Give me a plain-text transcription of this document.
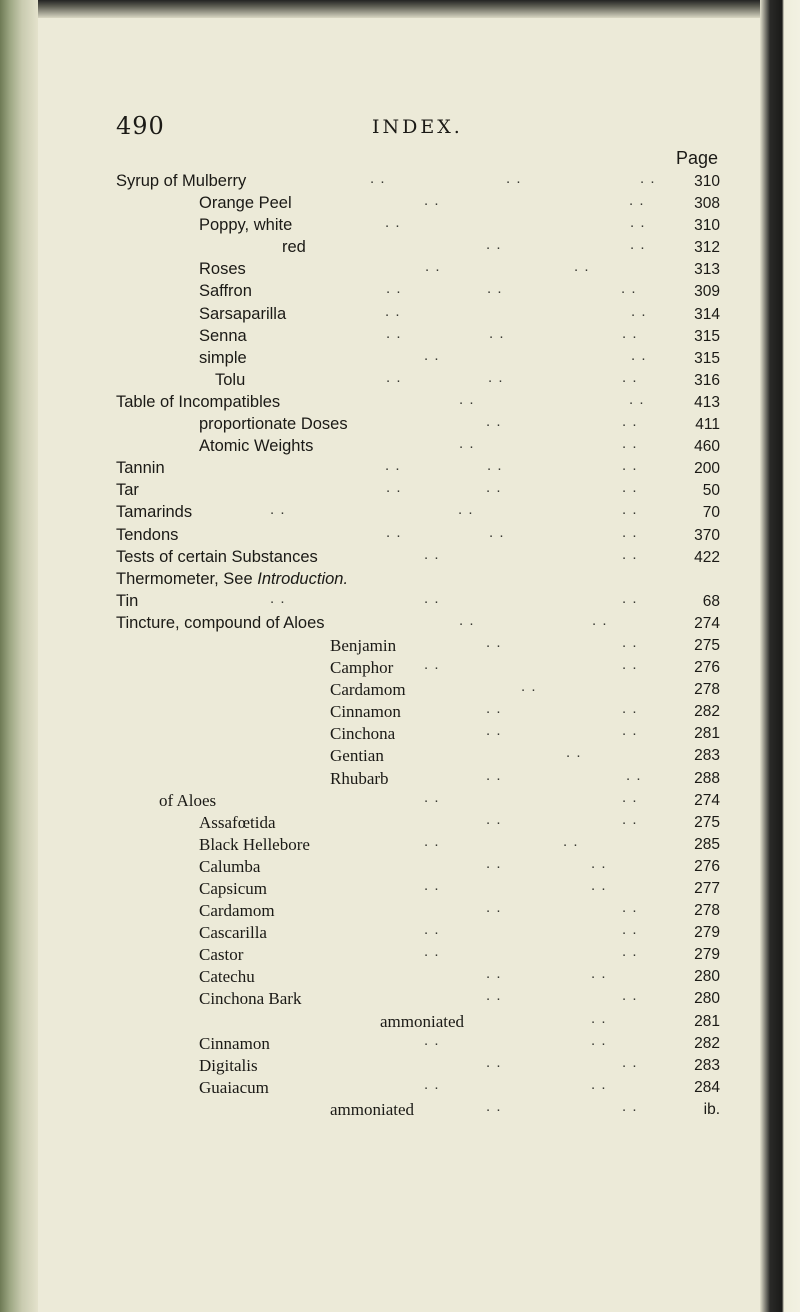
490	INDEX.
Page
Syrup of Mulberry	. .	. .	. .	310
Orange Peel	. .	. .	308
Poppy, white	. .	. .	310
red	. .	. .	312
Roses	. .	. .	313
Saffron	. .	. .	. .	309
Sarsaparilla	. .	. .	314
Senna	. .	. .	. .	315
simple	. .	. .	315
Tolu	. .	. .	. .	316
Table of Incompatibles	. .	. .	413
proportionate Doses	. .	. .	411
Atomic Weights	. .	. .	460
Tannin	. .	. .	. .	200
Tar	. .	. .	. .	50
Tamarinds	. .	. .	. .	70
Tendons	. .	. .	. .	370
Tests of certain Substances	. .	. .	422
Thermometer, See Introduction.
Tin	. .	. .	. .	68
Tincture, compound of Aloes	. .	. .	274
Benjamin	. .	. .	275
Camphor . .	. .	276
Cardamom	. .	278
Cinnamon	. .	. .	282
Cinchona	. .	. .	281
Gentian	. .	283
Rhubarb	. .	. .	288
of Aloes	. .	. .	274
Assafœtida	. .	. .	275
Black Hellebore	. .	. .	285
Calumba	. .	. .	276
Capsicum	. .	. .	277
Cardamom	. .	. .	278
Cascarilla	. .	. .	279
Castor	. .	. .	279
Catechu	. .	. .	280
Cinchona Bark	. .	. .	280
ammoniated	. .	281
Cinnamon	. .	. .	282
Digitalis	. .	. .	283
Guaiacum	. .	. .	284
ammoniated	. .	. .	ib.
